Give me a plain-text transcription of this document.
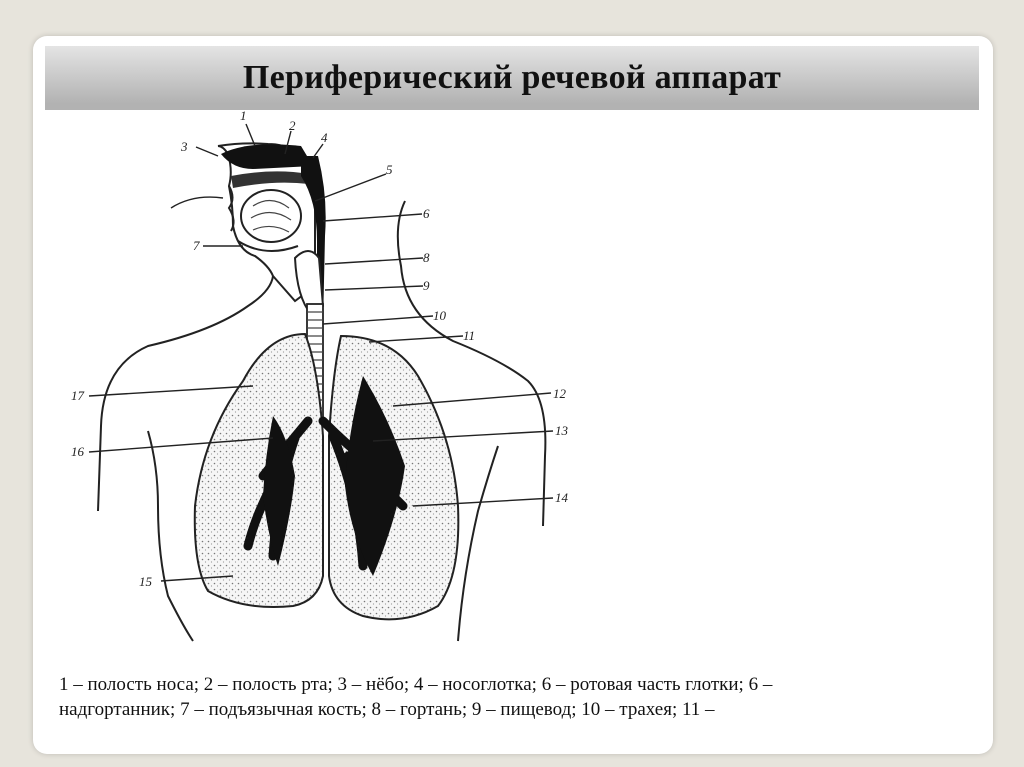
Периферический речевой аппарат
1
2
3
4
5
6
7
8
9
10
11
12
13
14
15
16
17
1 – полость носа; 2 – полость рта; 3 – нёбо; 4 – носоглотка; 6 – ротовая часть глотки; 6 –
надгортанник; 7 – подъязычная кость; 8 – гортань; 9 – пищевод; 10 – трахея; 11 –
